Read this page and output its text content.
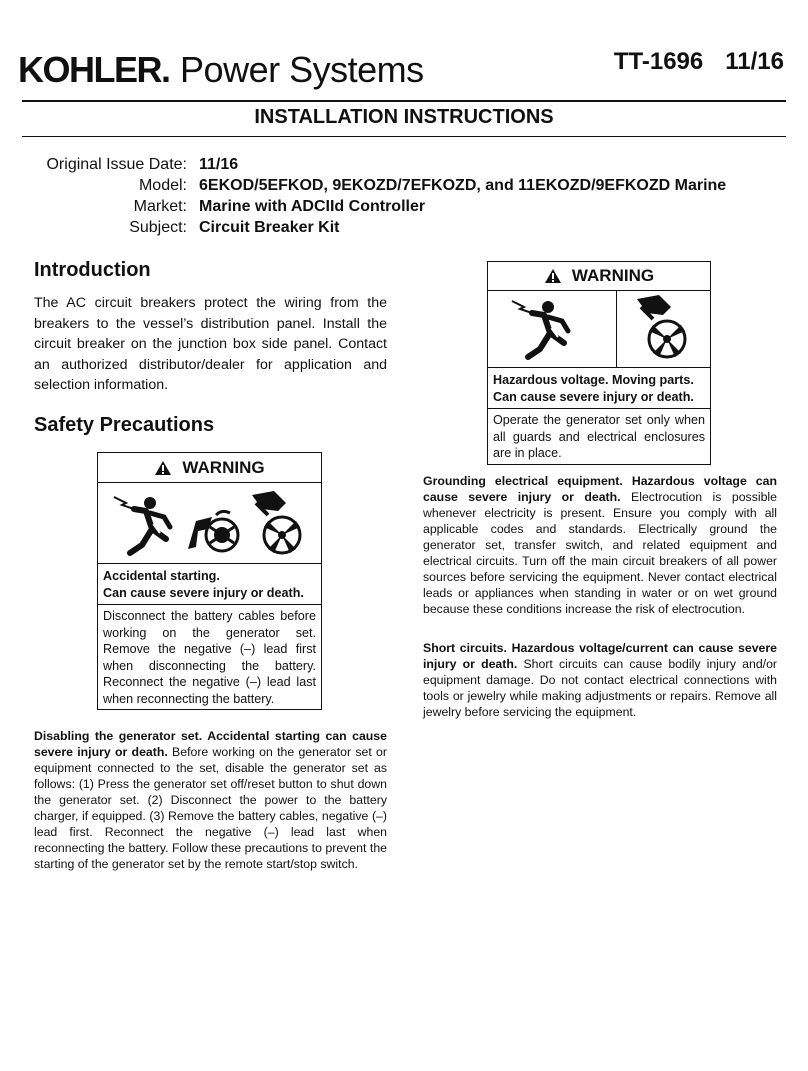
KOHLER. Power Systems	TT-1696 11/16
INSTALLATION INSTRUCTIONS
Original Issue Date: 11/16
Model: 6EKOD/5EFKOD, 9EKOZD/7EFKOZD, and 11EKOZD/9EFKOZD Marine
Market: Marine with ADCIId Controller
Subject: Circuit Breaker Kit
Introduction

The AC circuit breakers protect the wiring from the breakers to the vessel’s distribution panel. Install the circuit breaker on the junction box side panel. Contact an authorized distributor/dealer for application and selection information.

Safety Precautions
WARNING
Accidental starting.
Can cause severe injury or death.
Disconnect the battery cables before working on the generator set. Remove the negative (–) lead first when disconnecting the battery. Reconnect the negative (–) lead last when reconnecting the battery.

Disabling the generator set. Accidental starting can cause severe injury or death. Before working on the generator set or equipment connected to the set, disable the generator set as follows: (1) Press the generator set off/reset button to shut down the generator set. (2) Disconnect the power to the battery charger, if equipped. (3) Remove the battery cables, negative (–) lead first. Reconnect the negative (–) lead last when reconnecting the battery. Follow these precautions to prevent the starting of the generator set by the remote start/stop switch.

WARNING
Hazardous voltage. Moving parts.
Can cause severe injury or death.
Operate the generator set only when all guards and electrical enclosures are in place.

Grounding electrical equipment. Hazardous voltage can cause severe injury or death. Electrocution is possible whenever electricity is present. Ensure you comply with all applicable codes and standards. Electrically ground the generator set, transfer switch, and related equipment and electrical circuits. Turn off the main circuit breakers of all power sources before servicing the equipment. Never contact electrical leads or appliances when standing in water or on wet ground because these conditions increase the risk of electrocution.

Short circuits. Hazardous voltage/current can cause severe injury or death. Short circuits can cause bodily injury and/or equipment damage. Do not contact electrical connections with tools or jewelry while making adjustments or repairs. Remove all jewelry before servicing the equipment.
